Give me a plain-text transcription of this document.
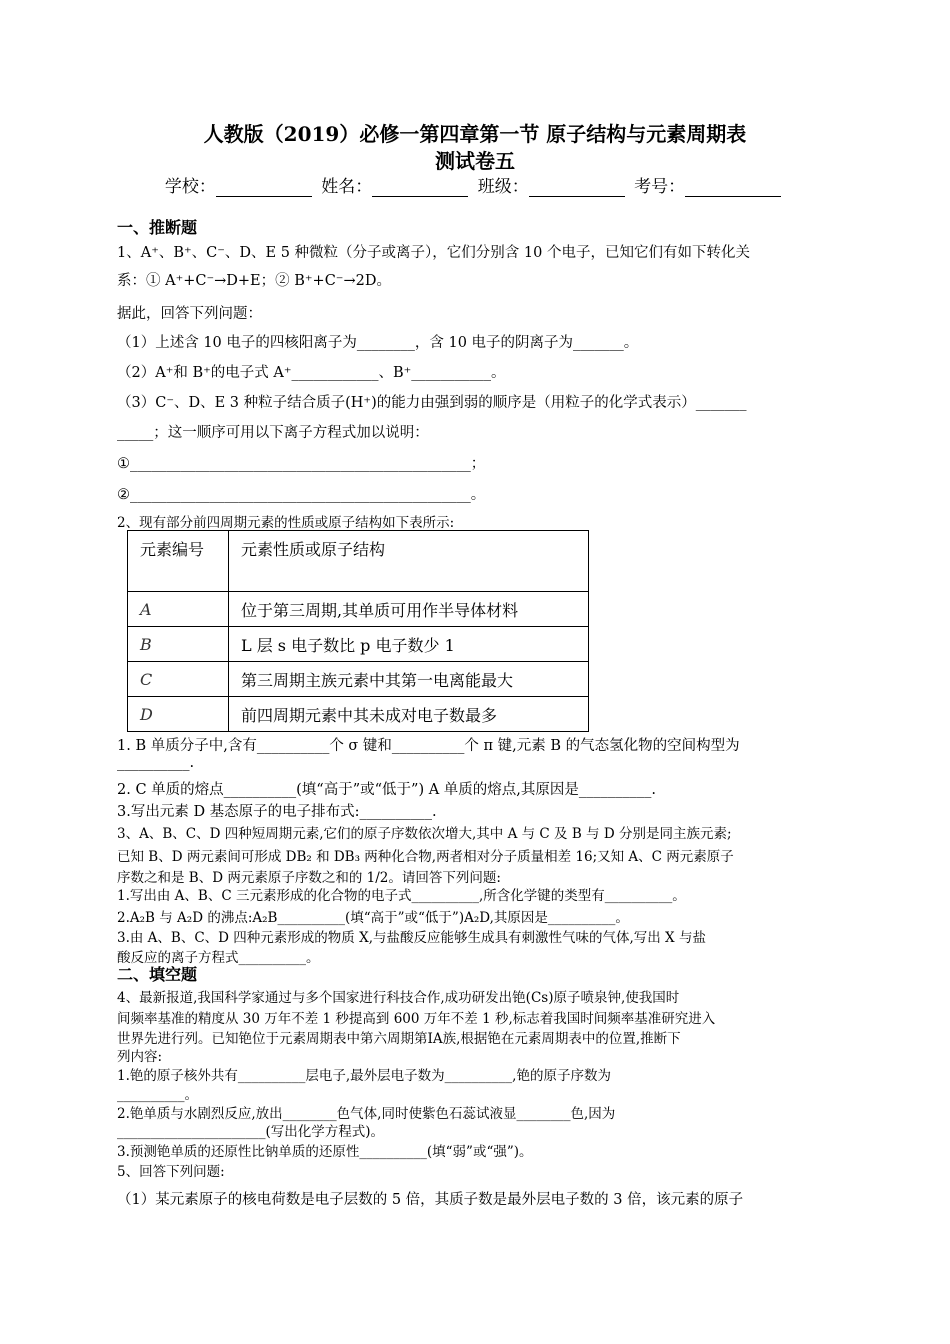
人教版（2019）必修一第四章第一节 原子结构与元素周期表
测试卷五
学校：	姓名：	班级：	考号：
一、推断题
1、A⁺、B⁺、C⁻、D、E 5 种微粒（分子或离子），它们分别含 10 个电子，已知它们有如下转化关
系：① A⁺+C⁻→D+E；② B⁺+C⁻→2D。
据此，回答下列问题：
（1）上述含 10 电子的四核阳离子为________，含 10 电子的阴离子为_______。
（2）A⁺和 B⁺的电子式 A⁺____________、B⁺___________。
（3）C⁻、D、E 3 种粒子结合质子(H⁺)的能力由强到弱的顺序是（用粒子的化学式表示）_______
_____；这一顺序可用以下离子方程式加以说明：
①_______________________________________________；
②_______________________________________________。
2、现有部分前四周期元素的性质或原子结构如下表所示:
元素编号	元素性质或原子结构
A	位于第三周期,其单质可用作半导体材料
B	L 层 s 电子数比 p 电子数少 1
C	第三周期主族元素中其第一电离能最大
D	前四周期元素中其未成对电子数最多
1. B 单质分子中,含有__________个 σ 键和__________个 π 键,元素 B 的气态氢化物的空间构型为
__________.
2. C 单质的熔点__________(填“高于”或“低于”) A 单质的熔点,其原因是__________.
3.写出元素 D 基态原子的电子排布式:__________.
3、A、B、C、D 四种短周期元素,它们的原子序数依次增大,其中 A 与 C 及 B 与 D 分别是同主族元素;
已知 B、D 两元素间可形成 DB₂ 和 DB₃ 两种化合物,两者相对分子质量相差 16;又知 A、C 两元素原子
序数之和是 B、D 两元素原子序数之和的 1/2。请回答下列问题:
1.写出由 A、B、C 三元素形成的化合物的电子式__________,所含化学键的类型有__________。
2.A₂B 与 A₂D 的沸点:A₂B__________(填“高于”或“低于”)A₂D,其原因是__________。
3.由 A、B、C、D 四种元素形成的物质 X,与盐酸反应能够生成具有刺激性气味的气体,写出 X 与盐
酸反应的离子方程式__________。
二、填空题
4、最新报道,我国科学家通过与多个国家进行科技合作,成功研发出铯(Cs)原子喷泉钟,使我国时
间频率基准的精度从 30 万年不差 1 秒提高到 600 万年不差 1 秒,标志着我国时间频率基准研究进入
世界先进行列。已知铯位于元素周期表中第六周期第ⅠA族,根据铯在元素周期表中的位置,推断下
列内容:
1.铯的原子核外共有__________层电子,最外层电子数为__________,铯的原子序数为
__________。
2.铯单质与水剧烈反应,放出________色气体,同时使紫色石蕊试液显________色,因为
______________________(写出化学方程式)。
3.预测铯单质的还原性比钠单质的还原性__________(填“弱”或“强”)。
5、回答下列问题:
（1）某元素原子的核电荷数是电子层数的 5 倍，其质子数是最外层电子数的 3 倍，该元素的原子
